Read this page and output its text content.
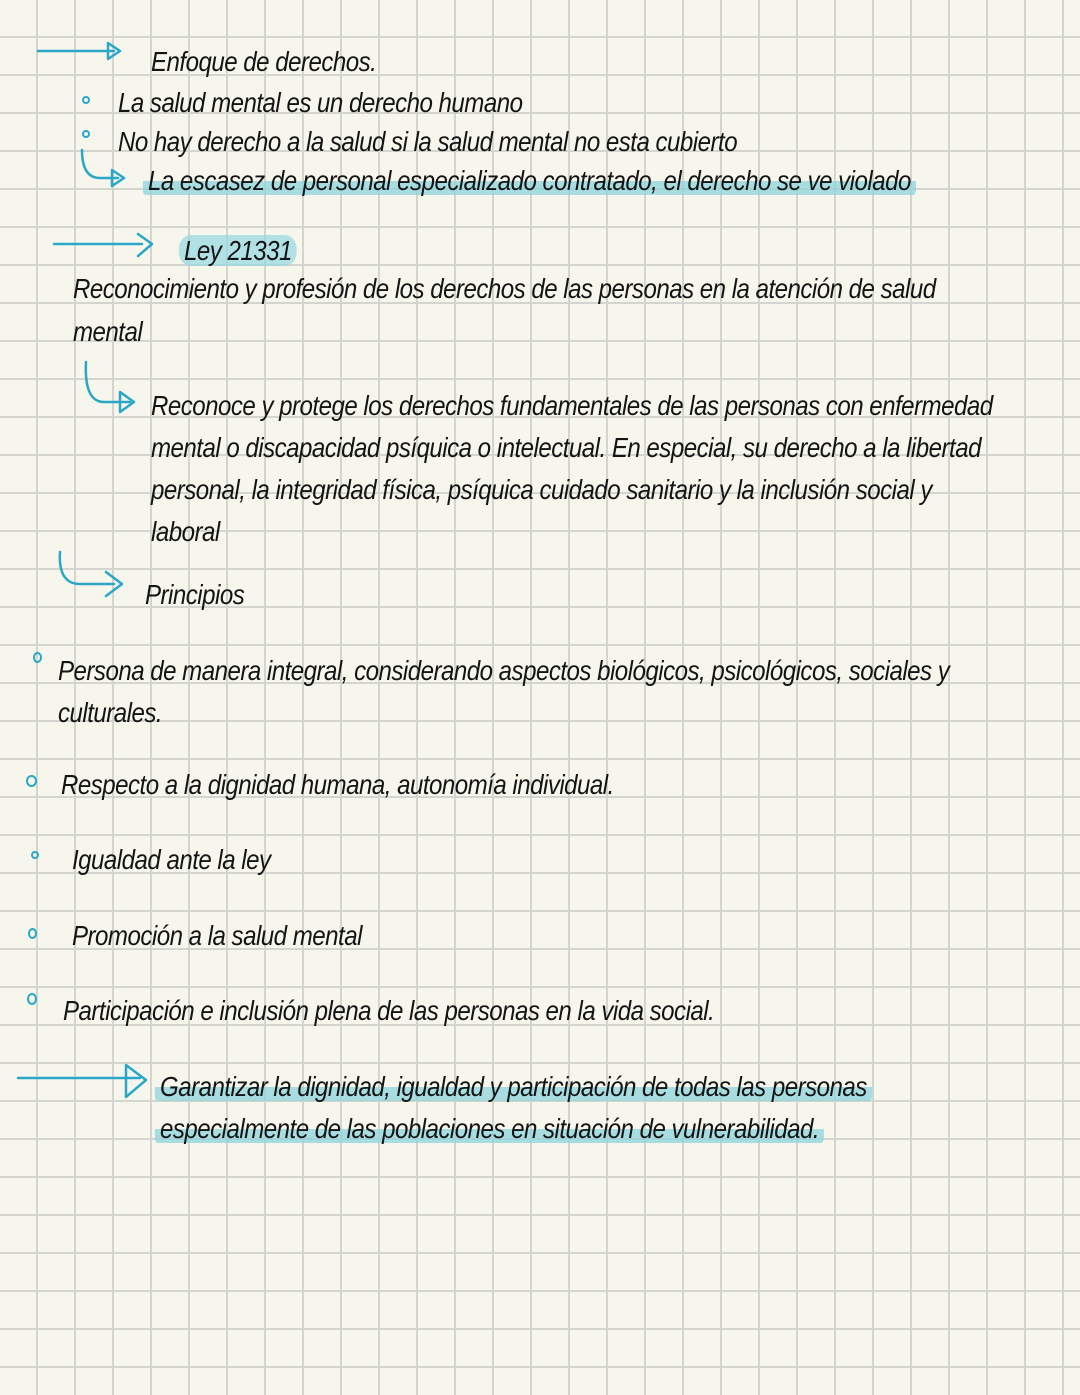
Enfoque de derechos.
La salud mental es un derecho humano
No hay derecho a la salud si la salud mental no esta cubierto
La escasez de personal especializado contratado, el derecho se ve violado
Ley 21331
Reconocimiento y profesión de los derechos de las personas en la atención de salud
mental
Reconoce y protege los derechos fundamentales de las personas con enfermedad
mental o discapacidad psíquica o intelectual. En especial, su derecho a la libertad
personal, la integridad física, psíquica cuidado sanitario y la inclusión social y
laboral
Principios
Persona de manera integral, considerando aspectos biológicos, psicológicos, sociales y
culturales.
Respecto a la dignidad humana, autonomía individual.
Igualdad ante la ley
Promoción a la salud mental
Participación e inclusión plena de las personas en la vida social.
Garantizar la dignidad, igualdad y participación de todas las personas
especialmente de las poblaciones en situación de vulnerabilidad.
